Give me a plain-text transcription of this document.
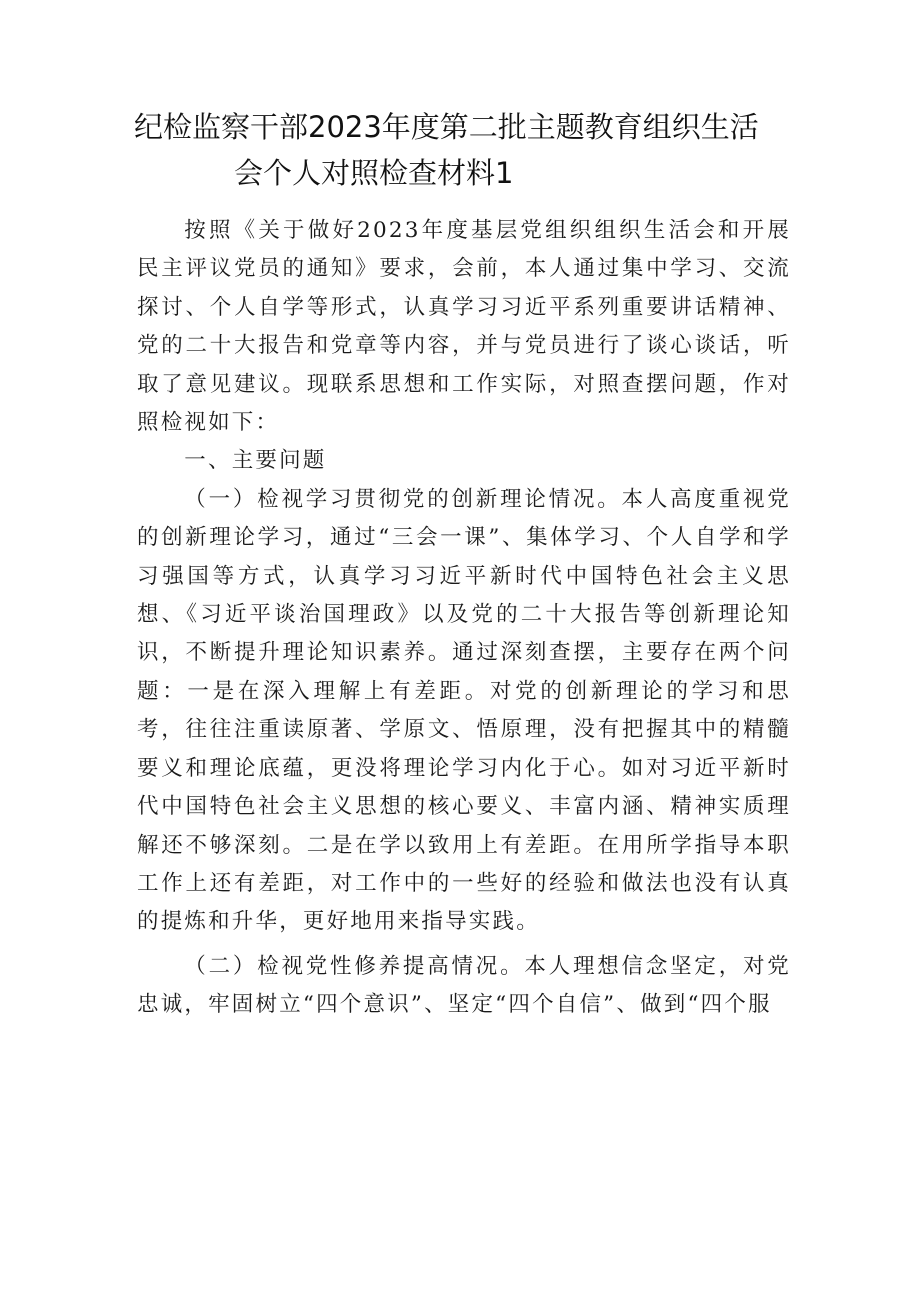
纪检监察干部2023年度第二批主题教育组织生活
会个人对照检查材料1

按照《关于做好2023年度基层党组织组织生活会和开展民主评议党员的通知》要求，会前，本人通过集中学习、交流探讨、个人自学等形式，认真学习习近平系列重要讲话精神、党的二十大报告和党章等内容，并与党员进行了谈心谈话，听取了意见建议。现联系思想和工作实际，对照查摆问题，作对照检视如下：

一、主要问题

（一）检视学习贯彻党的创新理论情况。本人高度重视党的创新理论学习，通过“三会一课”、集体学习、个人自学和学习强国等方式，认真学习习近平新时代中国特色社会主义思想、《习近平谈治国理政》以及党的二十大报告等创新理论知识，不断提升理论知识素养。通过深刻查摆，主要存在两个问题：一是在深入理解上有差距。对党的创新理论的学习和思考，往往注重读原著、学原文、悟原理，没有把握其中的精髓要义和理论底蕴，更没将理论学习内化于心。如对习近平新时代中国特色社会主义思想的核心要义、丰富内涵、精神实质理解还不够深刻。二是在学以致用上有差距。在用所学指导本职工作上还有差距，对工作中的一些好的经验和做法也没有认真的提炼和升华，更好地用来指导实践。

（二）检视党性修养提高情况。本人理想信念坚定，对党忠诚，牢固树立“四个意识”、坚定“四个自信”、做到“四个服
